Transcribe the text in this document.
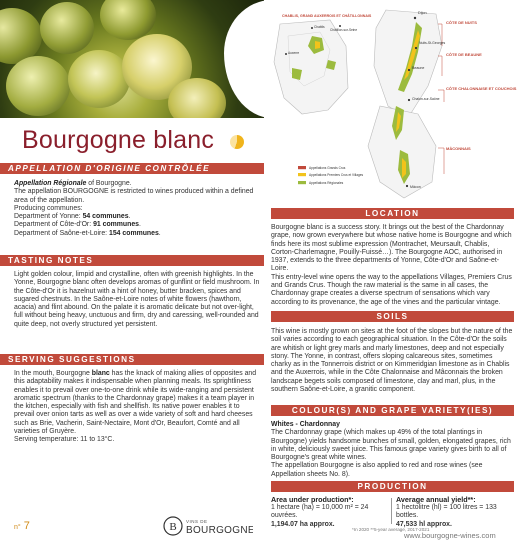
Bourgogne blanc
APPELLATION D'ORIGINE CONTRÔLÉE

Appellation Régionale of Bourgogne.

The appellation BOURGOGNE is restricted to wines produced within a defined area of the appellation.

Producing communes:

Department of Yonne: 54 communes.

Department of Côte-d'Or: 91 communes.

Department of Saône-et-Loire: 154 communes.

TASTING NOTES
Light golden colour, limpid and crystalline, often with greenish highlights. In the Yonne, Bourgogne blanc often develops aromas of gunflint or field mushroom. In the Côte-d'Or it is hazelnut with a hint of honey, butter bracken, spices and sugared chestnuts. In the Saône-et-Loire notes of white flowers (hawthorn, acacia) and flint abound. On the palate it is aromatic delicate but not over-light, full without being heavy, unctuous and firm, dry and caressing, well-rounded and quite deep, not overly structured yet persistent.
SERVING SUGGESTIONS

In the mouth, Bourgogne blanc has the knack of making allies of opposites and this adaptability makes it indispensable when planning meals. Its sprightliness enables it to prevail over one-to-one drink while its wide-ranging and persistent aromatic spectrum (thanks to the Chardonnay grape) makes it a team player in the kitchen, especially with fish and shellfish. Its native power enables it to prevail over onion tarts as well as over a wide variety of soft and hard cheeses such as Brie, Vacherin, Saint-Nectaire, Mont d'Or, Beaufort, Comté and all varieties of Gruyère.

Serving temperature: 11 to 13°C.

CHABLIS, GRAND AUXERROIS ET CHÂTILLONNAIS
Dijon
CÔTE DE NUITS
Nuits-St-Georges
CÔTE DE BEAUNE
Beaune
CÔTE CHALONNAISE ET COUCHOIS
Chalon-sur-Saône
MÂCONNAIS
Mâcon
Chablis
Châtillon-sur-Seine
Auxerre
Appellations Grands Crus
Appellations Premiers Crus et Villages
Appellations Régionales
LOCATION

Bourgogne blanc is a success story. It brings out the best of the Chardonnay grape, now grown everywhere but whose native home is Bourgogne and which finds here its most sublime expression (Montrachet, Meursault, Chablis, Corton-Charlemagne, Pouilly-Fuissé…). The Bourgogne AOC, authorised in 1937, extends to the three departments of Yonne, Côte-d'Or and Saône-et-Loire.

This entry-level wine opens the way to the appellations Villages, Premiers Crus and Grands Crus. Though the raw material is the same in all cases, the Chardonnay grape creates a diverse spectrum of sensations which vary according to its provenance, the age of the vines and the particular vintage.

SOILS
This wine is mostly grown on sites at the foot of the slopes but the nature of the soil varies according to each geographical situation. In the Côte-d'Or the soils are whitish or light grey marls and marly limestones, deep and not especially stony. The Yonne, in contrast, offers sloping calcareous sites, sometimes charky as in the Tonnerrois district or on Kimmeridgian limestone as in Chablis and the Auxerrois, while in the Côte Chalonnaise and Mâconnais the broken landscape begets soils composed of limestone, clay and marl, plus, in the southern Saône-et-Loire, a granitic component.
COLOUR(S) AND GRAPE VARIETY(IES)

Whites - Chardonnay

The Chardonnay grape (which makes up 49% of the total plantings in Bourgogne) yields handsome bunches of small, golden, elongated grapes, rich in white, deliciously sweet juice. This famous grape variety gives birth to all of Bourgogne's great white wines.

The appellation Bourgogne is also applied to red and rose wines (see Appellation sheets No. 8).

PRODUCTION
Area under production*:
1 hectare (ha) = 10,000 m² = 24 ouvrées.
1,194.07 ha approx.
Average annual yield**:
1 hectolitre (hl) = 100 litres = 133 bottles.
47,533 hl approx.
*In 2020 **5-year average, 2017-2021
n° 7	B VINS DE
BOURGOGNE	www.bourgogne-wines.com
